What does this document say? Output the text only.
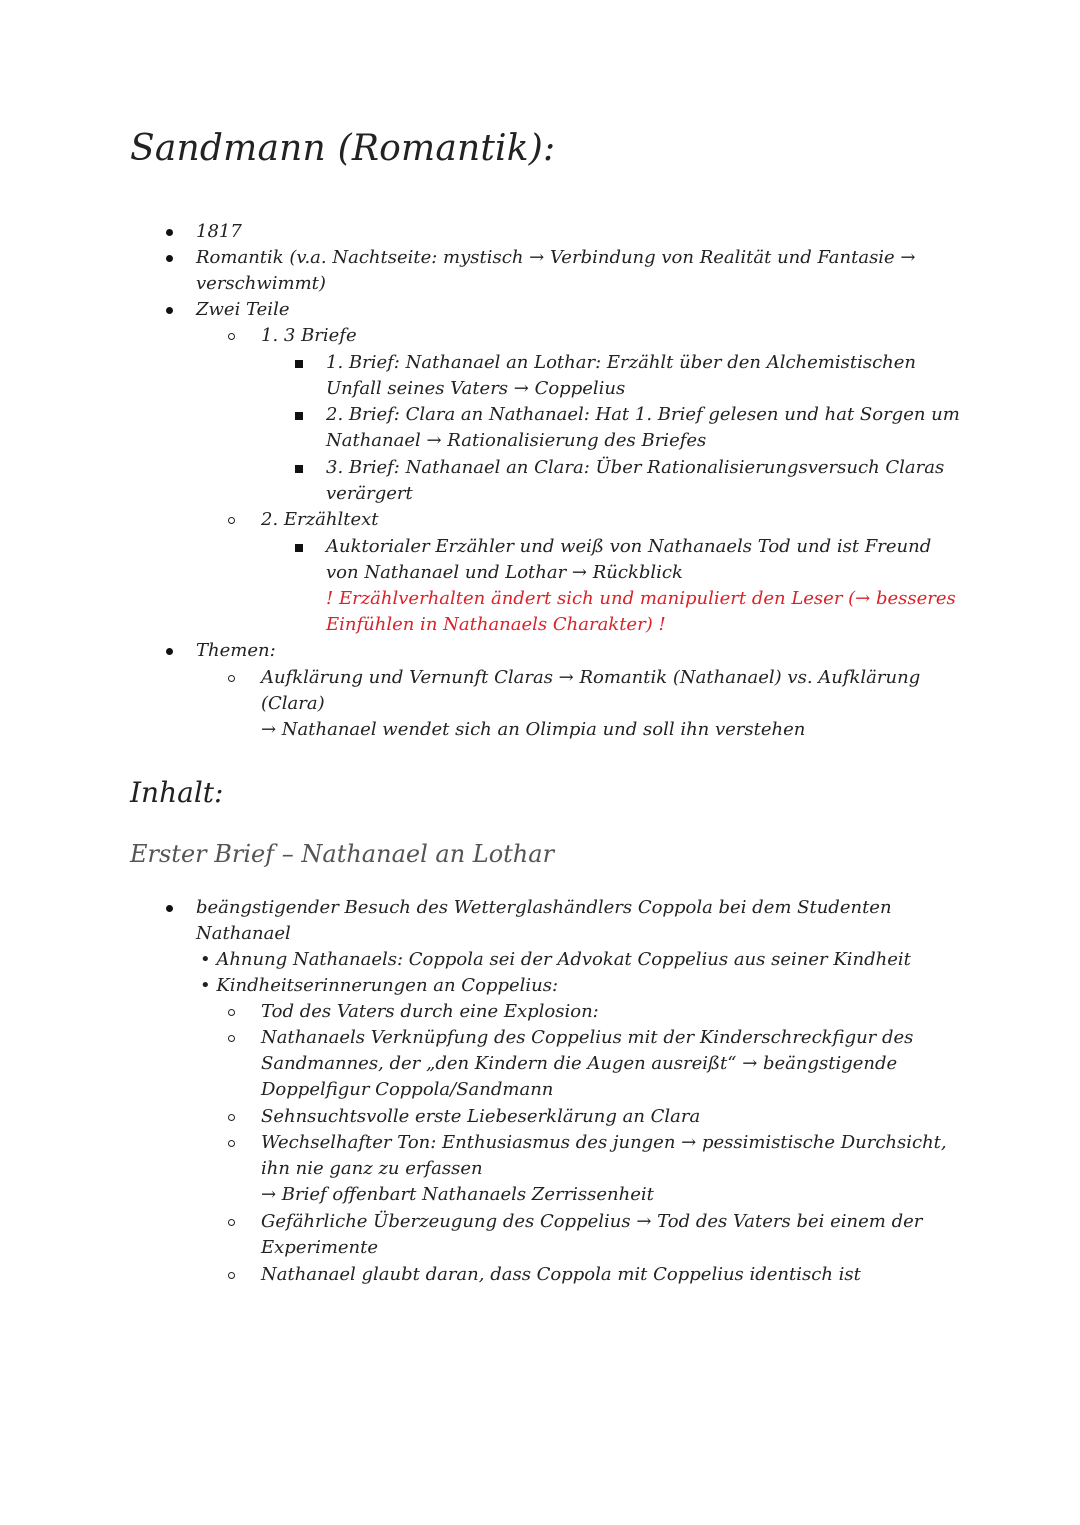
Sandmann (Romantik):
1817
Romantik (v.a. Nachtseite: mystisch → Verbindung von Realität und Fantasie →
verschwimmt)
Zwei Teile
1. 3 Briefe
1. Brief: Nathanael an Lothar: Erzählt über den Alchemistischen
Unfall seines Vaters → Coppelius
2. Brief: Clara an Nathanael: Hat 1. Brief gelesen und hat Sorgen um
Nathanael → Rationalisierung des Briefes
3. Brief: Nathanael an Clara: Über Rationalisierungsversuch Claras
verärgert
2. Erzähltext
Auktorialer Erzähler und weiß von Nathanaels Tod und ist Freund
von Nathanael und Lothar → Rückblick
! Erzählverhalten ändert sich und manipuliert den Leser (→ besseres
Einfühlen in Nathanaels Charakter) !
Themen:
Aufklärung und Vernunft Claras → Romantik (Nathanael) vs. Aufklärung
(Clara)
→ Nathanael wendet sich an Olimpia und soll ihn verstehen
Inhalt:
Erster Brief – Nathanael an Lothar
beängstigender Besuch des Wetterglashändlers Coppola bei dem Studenten
Nathanael
• Ahnung Nathanaels: Coppola sei der Advokat Coppelius aus seiner Kindheit
• Kindheitserinnerungen an Coppelius:
Tod des Vaters durch eine Explosion:
Nathanaels Verknüpfung des Coppelius mit der Kinderschreckfigur des
Sandmannes, der „den Kindern die Augen ausreißt“ → beängstigende
Doppelfigur Coppola/Sandmann
Sehnsuchtsvolle erste Liebeserklärung an Clara
Wechselhafter Ton: Enthusiasmus des jungen → pessimistische Durchsicht,
ihn nie ganz zu erfassen
→ Brief offenbart Nathanaels Zerrissenheit
Gefährliche Überzeugung des Coppelius → Tod des Vaters bei einem der
Experimente
Nathanael glaubt daran, dass Coppola mit Coppelius identisch ist
